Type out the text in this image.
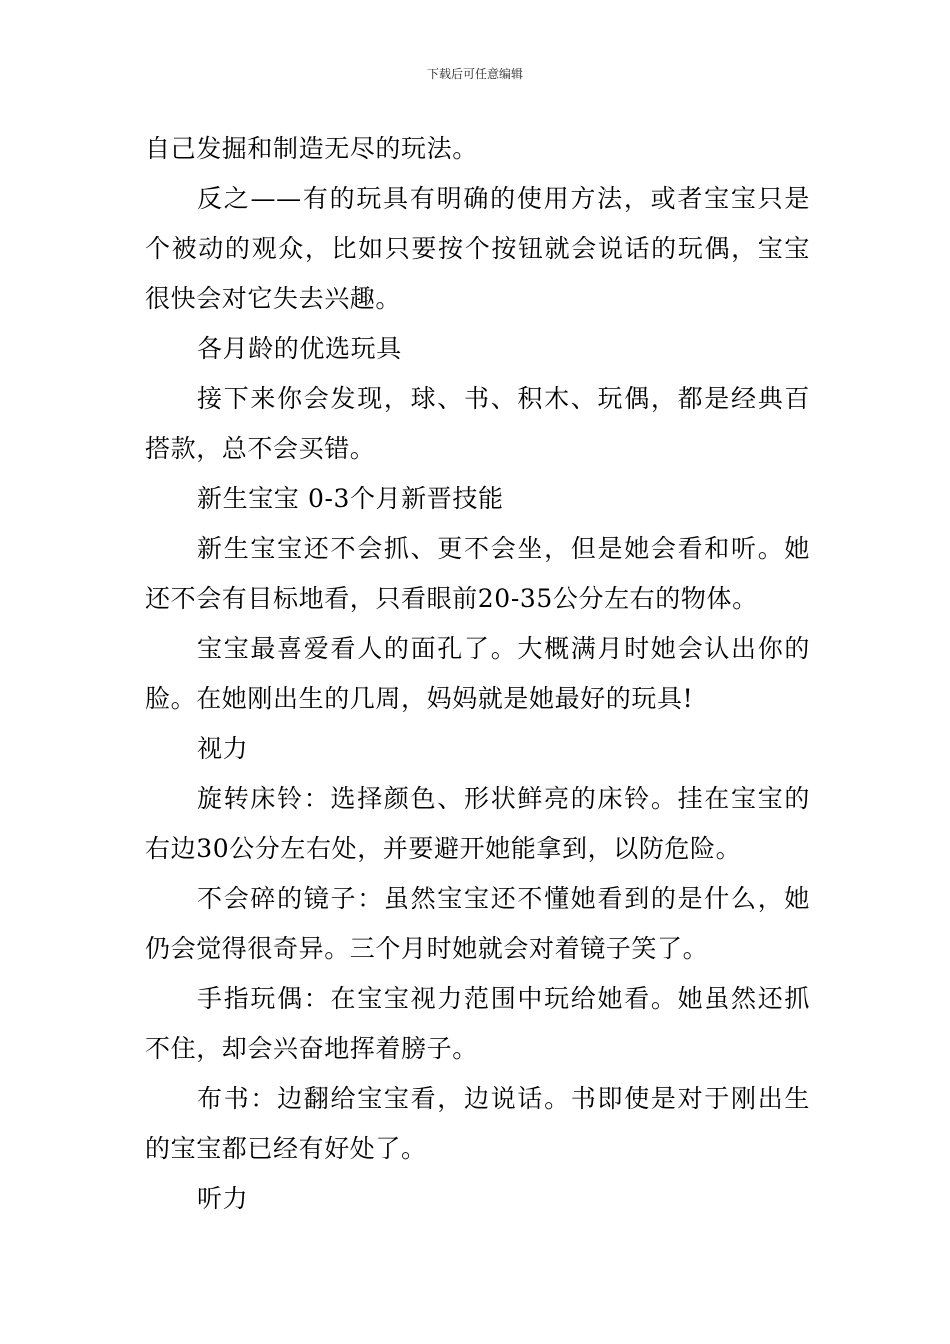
下载后可任意编辑

自己发掘和制造无尽的玩法。

反之——有的玩具有明确的使用方法，或者宝宝只是个被动的观众，比如只要按个按钮就会说话的玩偶，宝宝很快会对它失去兴趣。

各月龄的优选玩具

接下来你会发现，球、书、积木、玩偶，都是经典百搭款，总不会买错。

新生宝宝 0-3个月新晋技能

新生宝宝还不会抓、更不会坐，但是她会看和听。她还不会有目标地看，只看眼前20-35公分左右的物体。

宝宝最喜爱看人的面孔了。大概满月时她会认出你的脸。在她刚出生的几周，妈妈就是她最好的玩具!

视力

旋转床铃：选择颜色、形状鲜亮的床铃。挂在宝宝的右边30公分左右处，并要避开她能拿到，以防危险。

不会碎的镜子：虽然宝宝还不懂她看到的是什么，她仍会觉得很奇异。三个月时她就会对着镜子笑了。

手指玩偶：在宝宝视力范围中玩给她看。她虽然还抓不住，却会兴奋地挥着膀子。

布书：边翻给宝宝看，边说话。书即使是对于刚出生的宝宝都已经有好处了。

听力
